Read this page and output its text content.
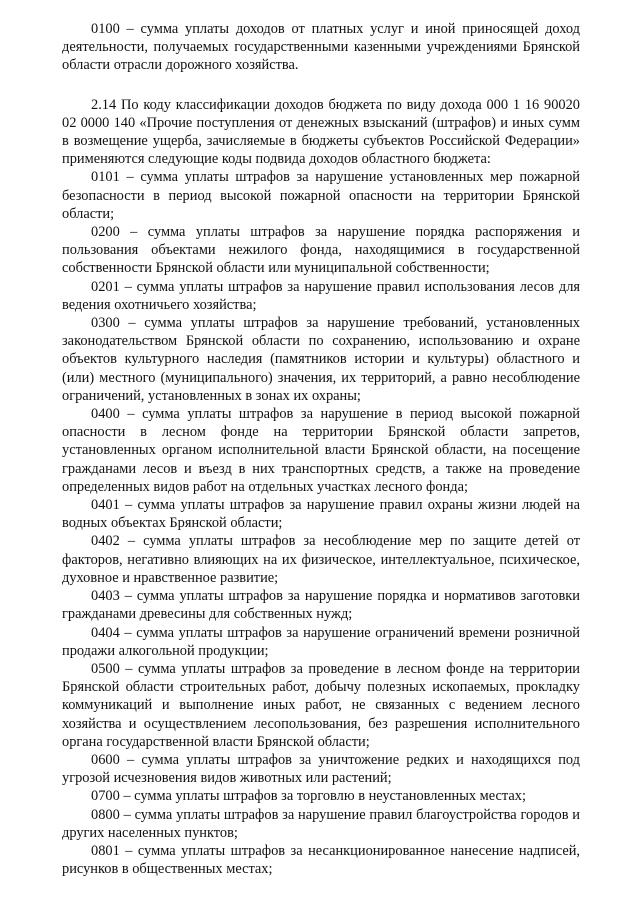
0100 – сумма уплаты доходов от платных услуг и иной приносящей доход деятельности, получаемых государственными казенными учреждениями Брянской области отрасли дорожного хозяйства.

2.14 По коду классификации доходов бюджета по виду дохода 000 1 16 90020 02 0000 140 «Прочие поступления от денежных взысканий (штрафов) и иных сумм в возмещение ущерба, зачисляемые в бюджеты субъектов Российской Федерации» применяются следующие коды подвида доходов областного бюджета:

0101 – сумма уплаты штрафов за нарушение установленных мер пожарной безопасности в период высокой пожарной опасности на территории Брянской области;

0200 – сумма уплаты штрафов за нарушение порядка распоряжения и пользования объектами нежилого фонда, находящимися в государственной собственности Брянской области или муниципальной собственности;

0201 – сумма уплаты штрафов за нарушение правил использования лесов для ведения охотничьего хозяйства;

0300 – сумма уплаты штрафов за нарушение требований, установленных законодательством Брянской области по сохранению, использованию и охране объектов культурного наследия (памятников истории и культуры) областного и (или) местного (муниципального) значения, их территорий, а равно несоблюдение ограничений, установленных в зонах их охраны;

0400 – сумма уплаты штрафов за нарушение в период высокой пожарной опасности в лесном фонде на территории Брянской области запретов, установленных органом исполнительной власти Брянской области, на посещение гражданами лесов и въезд в них транспортных средств, а также на проведение определенных видов работ на отдельных участках лесного фонда;

0401 – сумма уплаты штрафов за нарушение правил охраны жизни людей на водных объектах Брянской области;

0402 – сумма уплаты штрафов за несоблюдение мер по защите детей от факторов, негативно влияющих на их физическое, интеллектуальное, психическое, духовное и нравственное развитие;

0403 – сумма уплаты штрафов за нарушение порядка и нормативов заготовки гражданами древесины для собственных нужд;

0404 – сумма уплаты штрафов за нарушение ограничений времени розничной продажи алкогольной продукции;

0500 – сумма уплаты штрафов за проведение в лесном фонде на территории Брянской области строительных работ, добычу полезных ископаемых, прокладку коммуникаций и выполнение иных работ, не связанных с ведением лесного хозяйства и осуществлением лесопользования, без разрешения исполнительного органа государственной власти Брянской области;

0600 – сумма уплаты штрафов за уничтожение редких и находящихся под угрозой исчезновения видов животных или растений;

0700 – сумма уплаты штрафов за торговлю в неустановленных местах;

0800 – сумма уплаты штрафов за нарушение правил благоустройства городов и других населенных пунктов;

0801 – сумма уплаты штрафов за несанкционированное нанесение надписей, рисунков в общественных местах;
